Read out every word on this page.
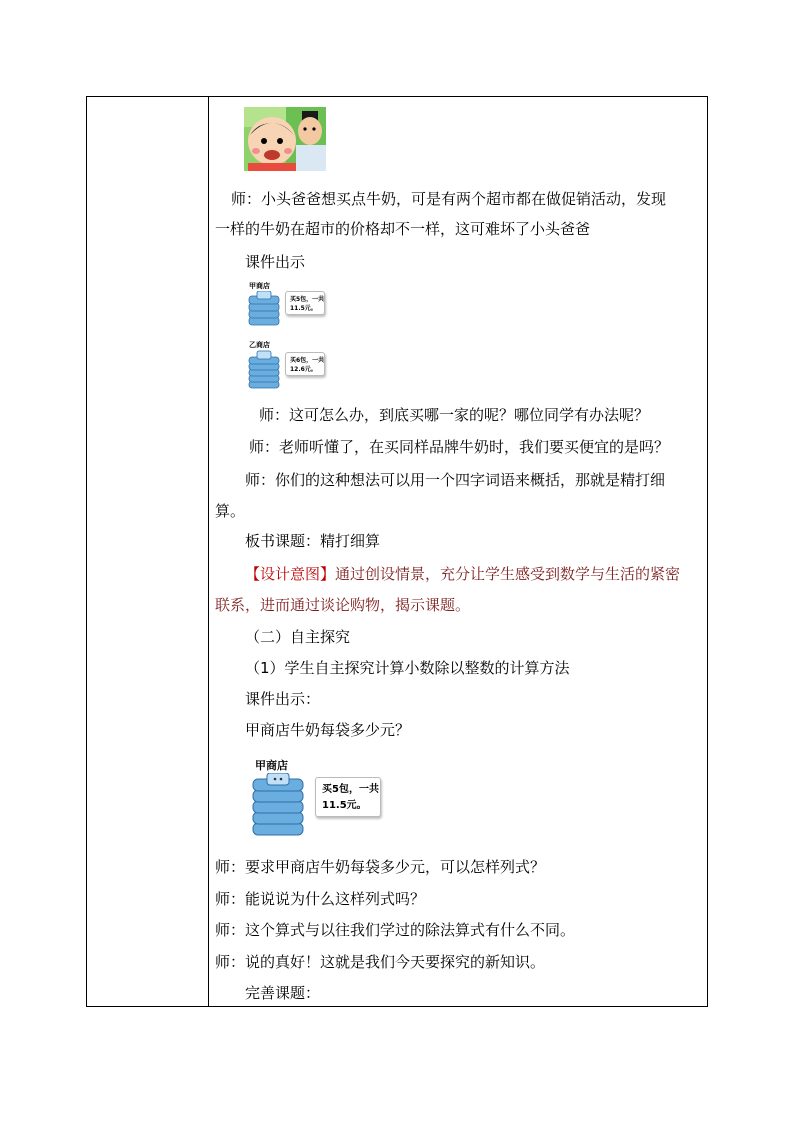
师：小头爸爸想买点牛奶，可是有两个超市都在做促销活动，发现
一样的牛奶在超市的价格却不一样，这可难坏了小头爸爸
课件出示
甲商店
买5包，一共
11.5元。
乙商店
买6包，一共
12.6元。
师：这可怎么办，到底买哪一家的呢？哪位同学有办法呢？
师：老师听懂了，在买同样品牌牛奶时，我们要买便宜的是吗？
师：你们的这种想法可以用一个四字词语来概括，那就是精打细
算。
板书课题：精打细算
【设计意图】通过创设情景，充分让学生感受到数学与生活的紧密
联系，进而通过谈论购物，揭示课题。
（二）自主探究
（1）学生自主探究计算小数除以整数的计算方法
课件出示：
甲商店牛奶每袋多少元？
甲商店
买5包，一共
11.5元。
师：要求甲商店牛奶每袋多少元，可以怎样列式？
师：能说说为什么这样列式吗？
师：这个算式与以往我们学过的除法算式有什么不同。
师：说的真好！这就是我们今天要探究的新知识。
完善课题：
